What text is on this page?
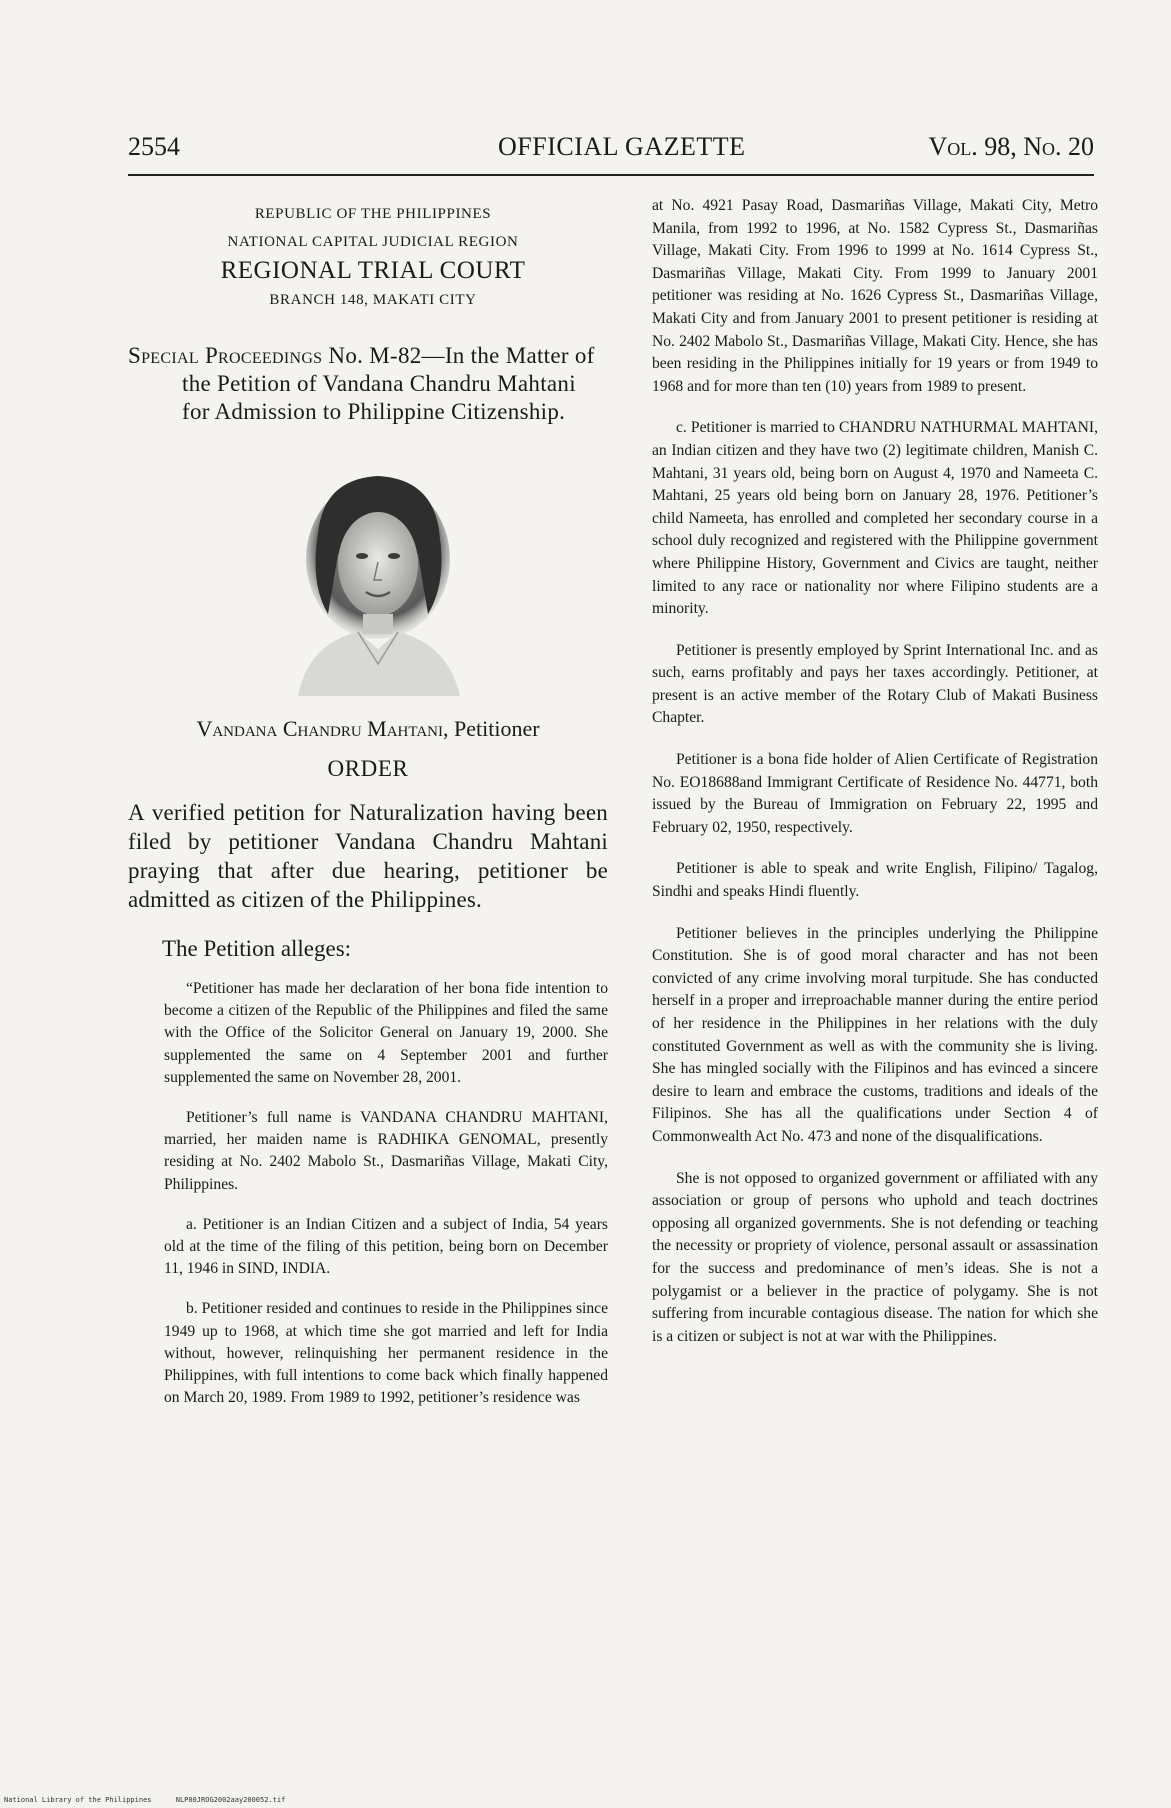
2554	OFFICIAL GAZETTE	Vol. 98, No. 20
REPUBLIC OF THE PHILIPPINES
NATIONAL CAPITAL JUDICIAL REGION
REGIONAL TRIAL COURT
BRANCH 148, MAKATI CITY
Special Proceedings No. M-82—In the Matter of the Petition of Vandana Chandru Mahtani for Admission to Philippine Citizenship.
Vandana Chandru Mahtani, Petitioner
ORDER
A verified petition for Naturalization having been filed by petitioner Vandana Chandru Mahtani praying that after due hearing, petitioner be admitted as citizen of the Philippines.
The Petition alleges:
“Petitioner has made her declaration of her bona fide intention to become a citizen of the Republic of the Philippines and filed the same with the Office of the Solicitor General on January 19, 2000. She supplemented the same on 4 September 2001 and further supplemented the same on November 28, 2001.
Petitioner’s full name is VANDANA CHANDRU MAHTANI, married, her maiden name is RADHIKA GENOMAL, presently residing at No. 2402 Mabolo St., Dasmariñas Village, Makati City, Philippines.
a. Petitioner is an Indian Citizen and a subject of India, 54 years old at the time of the filing of this petition, being born on December 11, 1946 in SIND, INDIA.
b. Petitioner resided and continues to reside in the Philippines since 1949 up to 1968, at which time she got married and left for India without, however, relinquishing her permanent residence in the Philippines, with full intentions to come back which finally happened on March 20, 1989. From 1989 to 1992, petitioner’s residence was

at No. 4921 Pasay Road, Dasmariñas Village, Makati City, Metro Manila, from 1992 to 1996, at No. 1582 Cypress St., Dasmariñas Village, Makati City. From 1996 to 1999 at No. 1614 Cypress St., Dasmariñas Village, Makati City. From 1999 to January 2001 petitioner was residing at No. 1626 Cypress St., Dasmariñas Village, Makati City and from January 2001 to present petitioner is residing at No. 2402 Mabolo St., Dasmariñas Village, Makati City. Hence, she has been residing in the Philippines initially for 19 years or from 1949 to 1968 and for more than ten (10) years from 1989 to present.

c. Petitioner is married to CHANDRU NATHURMAL MAHTANI, an Indian citizen and they have two (2) legitimate children, Manish C. Mahtani, 31 years old, being born on August 4, 1970 and Nameeta C. Mahtani, 25 years old being born on January 28, 1976. Petitioner’s child Nameeta, has enrolled and completed her secondary course in a school duly recognized and registered with the Philippine government where Philippine History, Government and Civics are taught, neither limited to any race or nationality nor where Filipino students are a minority.

Petitioner is presently employed by Sprint International Inc. and as such, earns profitably and pays her taxes accordingly. Petitioner, at present is an active member of the Rotary Club of Makati Business Chapter.

Petitioner is a bona fide holder of Alien Certificate of Registration No. EO18688and Immigrant Certificate of Residence No. 44771, both issued by the Bureau of Immigration on February 22, 1995 and February 02, 1950, respectively.

Petitioner is able to speak and write English, Filipino/ Tagalog, Sindhi and speaks Hindi fluently.

Petitioner believes in the principles underlying the Philippine Constitution. She is of good moral character and has not been convicted of any crime involving moral turpitude. She has conducted herself in a proper and irreproachable manner during the entire period of her residence in the Philippines in her relations with the duly constituted Government as well as with the community she is living. She has mingled socially with the Filipinos and has evinced a sincere desire to learn and embrace the customs, traditions and ideals of the Filipinos. She has all the qualifications under Section 4 of Commonwealth Act No. 473 and none of the disqualifications.

She is not opposed to organized government or affiliated with any association or group of persons who uphold and teach doctrines opposing all organized governments. She is not defending or teaching the necessity or propriety of violence, personal assault or assassination for the success and predominance of men’s ideas. She is not a polygamist or a believer in the practice of polygamy. She is not suffering from incurable contagious disease. The nation for which she is a citizen or subject is not at war with the Philippines.

National Library of the Philippines	NLP00JROG2002aay200052.tif
